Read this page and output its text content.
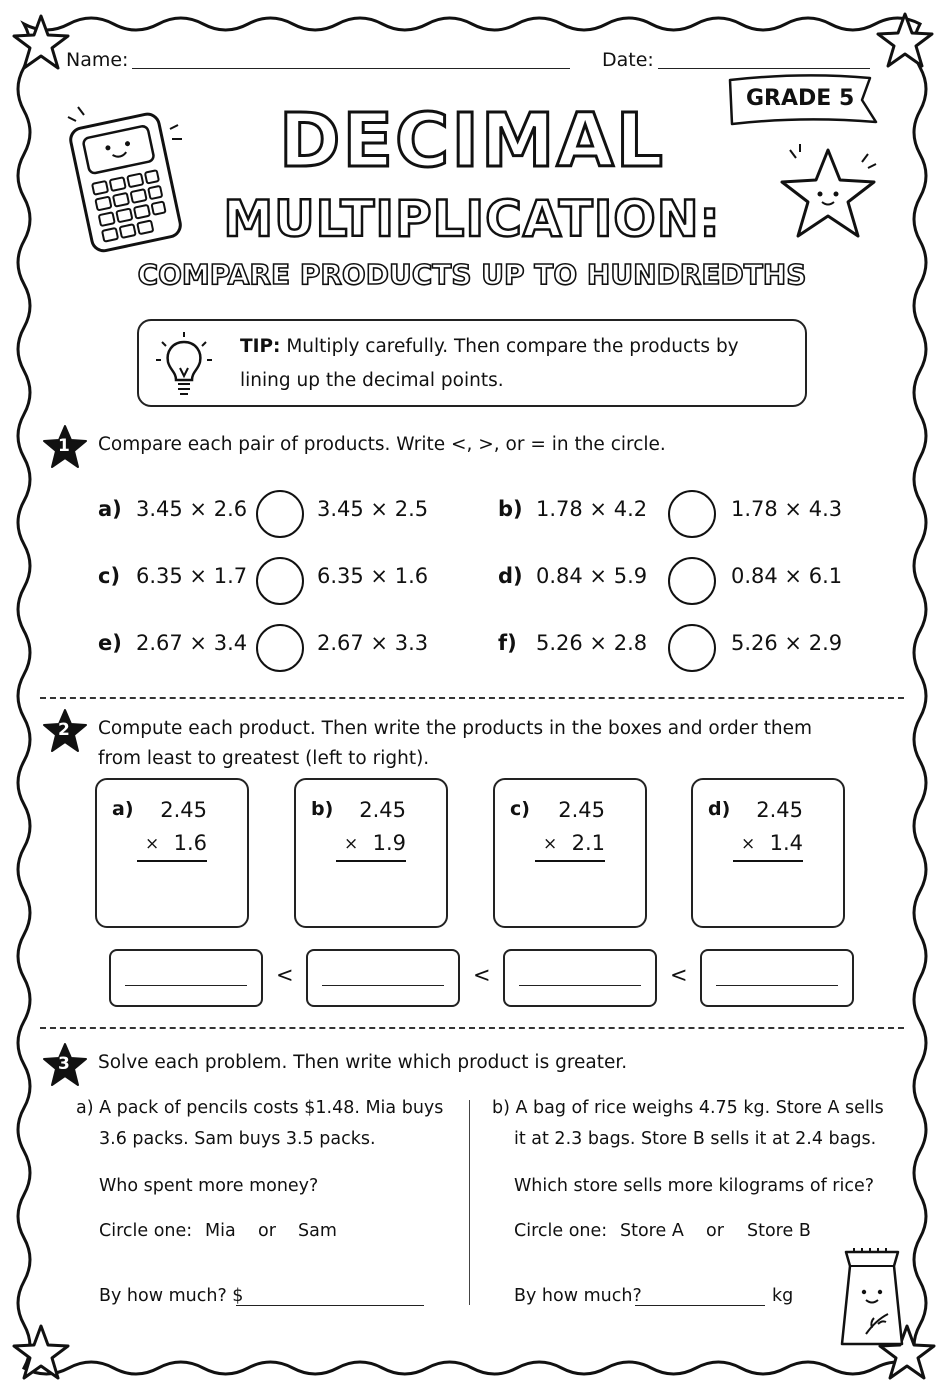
Name:	Date:
GRADE 5
DECIMAL
MULTIPLICATION:
COMPARE PRODUCTS UP TO HUNDREDTHS
TIP: Multiply carefully. Then compare the products by
lining up the decimal points.
1 Compare each pair of products. Write <, >, or = in the circle.
a) 3.45 × 2.6	3.45 × 2.5	b) 1.78 × 4.2	1.78 × 4.3
c) 6.35 × 1.7	6.35 × 1.6	d) 0.84 × 5.9	0.84 × 6.1
e) 2.67 × 3.4	2.67 × 3.3	f) 5.26 × 2.8	5.26 × 2.9
2 Compute each product. Then write the products in the boxes and order them
from least to greatest (left to right).
a) 2.45
× 1.6
b) 2.45
× 1.9
c) 2.45
× 2.1
d) 2.45
× 1.4
<	<	<
3 Solve each problem. Then write which product is greater.
a) A pack of pencils costs $1.48. Mia buys
3.6 packs. Sam buys 3.5 packs.
Who spent more money?
Circle one: Mia or Sam
By how much? $
b) A bag of rice weighs 4.75 kg. Store A sells
it at 2.3 bags. Store B sells it at 2.4 bags.
Which store sells more kilograms of rice?
Circle one: Store A or Store B
By how much?	kg
